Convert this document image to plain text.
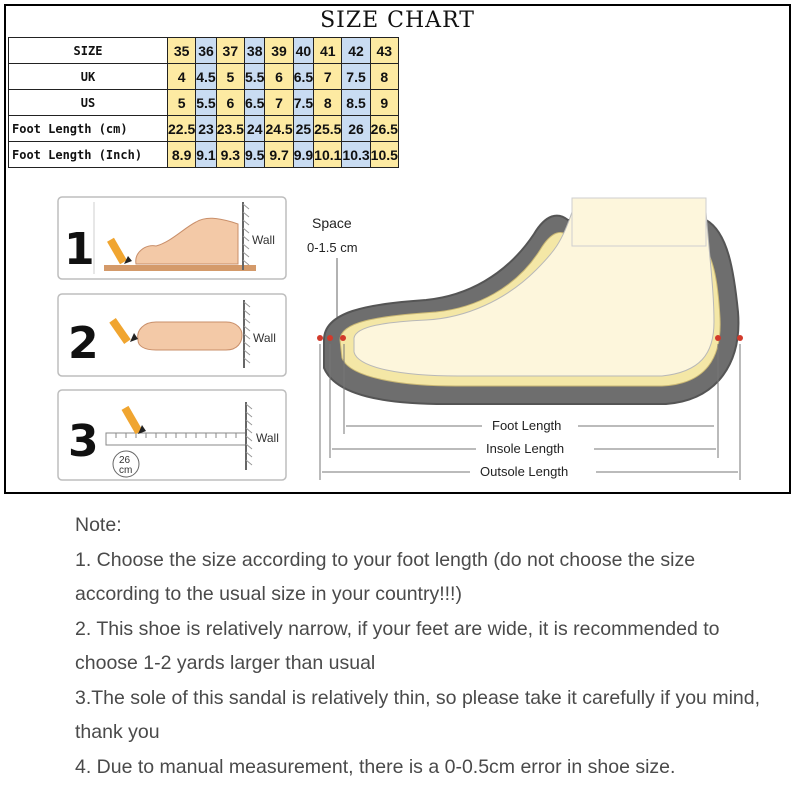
SIZE CHART
SIZE	35	36	37	38	39	40	41	42	43
UK	4	4.5	5	5.5	6	6.5	7	7.5	8
US	5	5.5	6	6.5	7	7.5	8	8.5	9
Foot Length (cm)	22.5	23	23.5	24	24.5	25	25.5	26	26.5
Foot Length (Inch)	8.9	9.1	9.3	9.5	9.7	9.9	10.1	10.3	10.5
1	Wall
2	Wall
3 26
cm
Wall
Space
0-1.5 cm
Foot Length
Insole Length
Outsole Length
Note:
1. Choose the size according to your foot length (do not choose the size according to the usual size in your country!!!)
2. This shoe is relatively narrow, if your feet are wide, it is recommended to choose 1-2 yards larger than usual
3.The sole of this sandal is relatively thin, so please take it carefully if you mind, thank you
4. Due to manual measurement, there is a 0-0.5cm error in shoe size.
